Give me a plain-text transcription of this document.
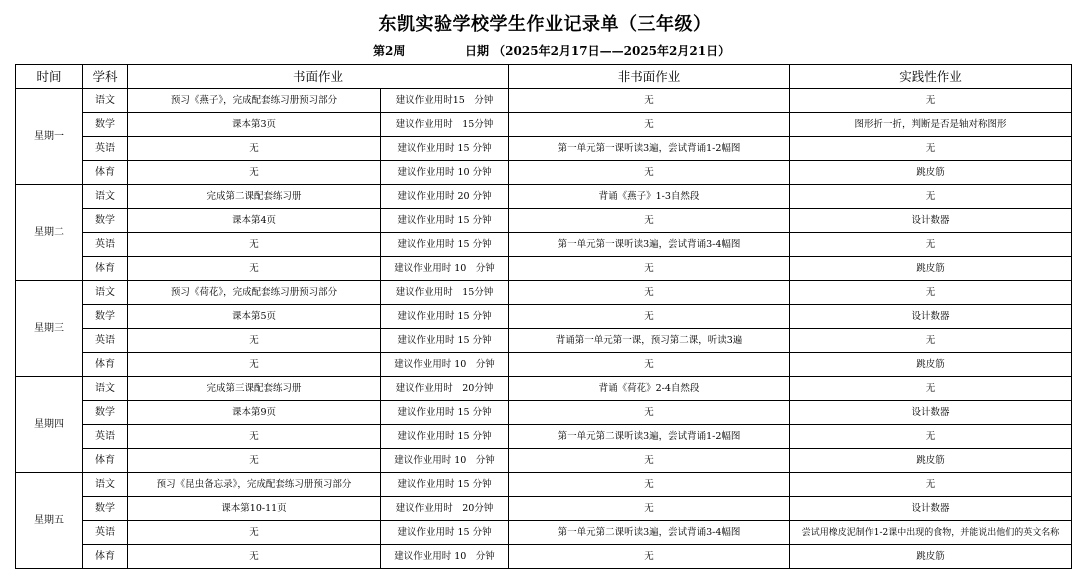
东凯实验学校学生作业记录单（三年级）
第2周	日期 （2025年2月17日——2025年2月21日）
时间	学科	书面作业		非书面作业	实践性作业
星期一	语文	预习《燕子》，完成配套练习册预习部分	建议作业用时15　分钟	无	无
	数学	课本第3页	建议作业用时　15分钟	无	图形折一折，判断是否是轴对称图形
	英语	无	建议作业用时 15 分钟	第一单元第一课听读3遍，尝试背诵1-2幅图	无
	体育	无	建议作业用时 10 分钟	无	跳皮筋
星期二	语文	完成第二课配套练习册	建议作业用时 20 分钟	背诵《燕子》1-3自然段	无
	数学	课本第4页	建议作业用时 15 分钟	无	设计数器
	英语	无	建议作业用时 15 分钟	第一单元第一课听读3遍，尝试背诵3-4幅图	无
	体育	无	建议作业用时 10　分钟	无	跳皮筋
星期三	语文	预习《荷花》，完成配套练习册预习部分	建议作业用时　15分钟	无	无
	数学	课本第5页	建议作业用时 15 分钟	无	设计数器
	英语	无	建议作业用时 15 分钟	背诵第一单元第一课，预习第二课，听读3遍	无
	体育	无	建议作业用时 10　分钟	无	跳皮筋
星期四	语文	完成第三课配套练习册	建议作业用时　20分钟	背诵《荷花》2-4自然段	无
	数学	课本第9页	建议作业用时 15 分钟	无	设计数器
	英语	无	建议作业用时 15 分钟	第一单元第二课听读3遍，尝试背诵1-2幅图	无
	体育	无	建议作业用时 10　分钟	无	跳皮筋
星期五	语文	预习《昆虫备忘录》，完成配套练习册预习部分	建议作业用时 15 分钟	无	无
	数学	课本第10-11页	建议作业用时　20分钟	无	设计数器
	英语	无	建议作业用时 15 分钟	第一单元第二课听读3遍，尝试背诵3-4幅图	尝试用橡皮泥制作1-2课中出现的食物，并能说出他们的英文名称
	体育	无	建议作业用时 10　分钟	无	跳皮筋
